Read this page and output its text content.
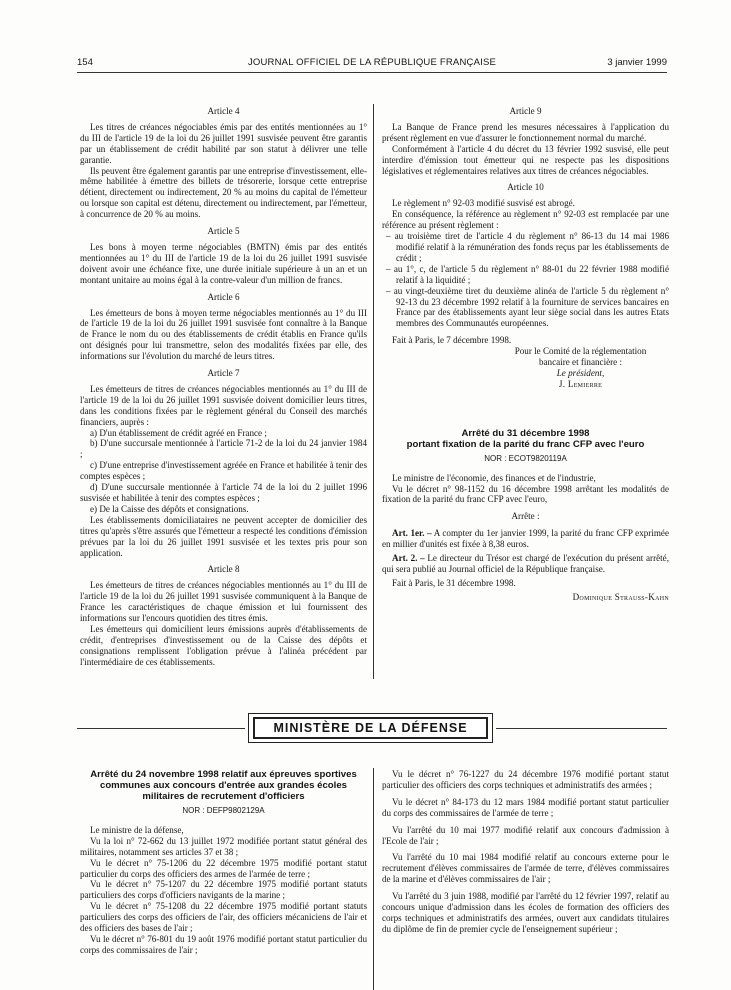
154	JOURNAL OFFICIEL DE LA RÉPUBLIQUE FRANÇAISE	3 janvier 1999

Article 4

Les titres de créances négociables émis par des entités mentionnées au 1° du III de l'article 19 de la loi du 26 juillet 1991 susvisée peuvent être garantis par un établissement de crédit habilité par son statut à délivrer une telle garantie.

Ils peuvent être également garantis par une entreprise d'investissement, elle-même habilitée à émettre des billets de trésorerie, lorsque cette entreprise détient, directement ou indirectement, 20 % au moins du capital de l'émetteur ou lorsque son capital est détenu, directement ou indirectement, par l'émetteur, à concurrence de 20 % au moins.

Article 5

Les bons à moyen terme négociables (BMTN) émis par des entités mentionnées au 1° du III de l'article 19 de la loi du 26 juillet 1991 susvisée doivent avoir une échéance fixe, une durée initiale supérieure à un an et un montant unitaire au moins égal à la contre-valeur d'un million de francs.

Article 6

Les émetteurs de bons à moyen terme négociables mentionnés au 1° du III de l'article 19 de la loi du 26 juillet 1991 susvisée font connaître à la Banque de France le nom du ou des établissements de crédit établis en France qu'ils ont désignés pour lui transmettre, selon des modalités fixées par elle, des informations sur l'évolution du marché de leurs titres.

Article 7

Les émetteurs de titres de créances négociables mentionnés au 1° du III de l'article 19 de la loi du 26 juillet 1991 susvisée doivent domicilier leurs titres, dans les conditions fixées par le règlement général du Conseil des marchés financiers, auprès :

a) D'un établissement de crédit agréé en France ;

b) D'une succursale mentionnée à l'article 71-2 de la loi du 24 janvier 1984 ;

c) D'une entreprise d'investissement agréée en France et habilitée à tenir des comptes espèces ;

d) D'une succursale mentionnée à l'article 74 de la loi du 2 juillet 1996 susvisée et habilitée à tenir des comptes espèces ;

e) De la Caisse des dépôts et consignations.

Les établissements domiciliataires ne peuvent accepter de domicilier des titres qu'après s'être assurés que l'émetteur a respecté les conditions d'émission prévues par la loi du 26 juillet 1991 susvisée et les textes pris pour son application.

Article 8

Les émetteurs de titres de créances négociables mentionnés au 1° du III de l'article 19 de la loi du 26 juillet 1991 susvisée communiquent à la Banque de France les caractéristiques de chaque émission et lui fournissent des informations sur l'encours quotidien des titres émis.

Les émetteurs qui domicilient leurs émissions auprès d'établissements de crédit, d'entreprises d'investissement ou de la Caisse des dépôts et consignations remplissent l'obligation prévue à l'alinéa précédent par l'intermédiaire de ces établissements.

Article 9

La Banque de France prend les mesures nécessaires à l'application du présent règlement en vue d'assurer le fonctionnement normal du marché.

Conformément à l'article 4 du décret du 13 février 1992 susvisé, elle peut interdire d'émission tout émetteur qui ne respecte pas les dispositions législatives et réglementaires relatives aux titres de créances négociables.

Article 10

Le règlement n° 92-03 modifié susvisé est abrogé.

En conséquence, la référence au règlement n° 92-03 est remplacée par une référence au présent règlement :

– au troisième tiret de l'article 4 du règlement n° 86-13 du 14 mai 1986 modifié relatif à la rémunération des fonds reçus par les établissements de crédit ;

– au 1°, c, de l'article 5 du règlement n° 88-01 du 22 février 1988 modifié relatif à la liquidité ;

– au vingt-deuxième tiret du deuxième alinéa de l'article 5 du règlement n° 92-13 du 23 décembre 1992 relatif à la fourniture de services bancaires en France par des établissements ayant leur siège social dans les autres Etats membres des Communautés européennes.

Fait à Paris, le 7 décembre 1998.

Pour le Comité de la réglementation

bancaire et financière :

Le président,

J. Lemierre

Arrêté du 31 décembre 1998

portant fixation de la parité du franc CFP avec l'euro

NOR : ECOT9820119A

Le ministre de l'économie, des finances et de l'industrie,

Vu le décret n° 98-1152 du 16 décembre 1998 arrêtant les modalités de fixation de la parité du franc CFP avec l'euro,

Arrête :

Art. 1er. – A compter du 1er janvier 1999, la parité du franc CFP exprimée en millier d'unités est fixée à 8,38 euros.

Art. 2. – Le directeur du Trésor est chargé de l'exécution du présent arrêté, qui sera publié au Journal officiel de la République française.

Fait à Paris, le 31 décembre 1998.

Dominique Strauss-Kahn

MINISTÈRE DE LA DÉFENSE

Arrêté du 24 novembre 1998 relatif aux épreuves sportives communes aux concours d'entrée aux grandes écoles militaires de recrutement d'officiers

NOR : DEFP9802129A

Le ministre de la défense,

Vu la loi n° 72-662 du 13 juillet 1972 modifiée portant statut général des militaires, notamment ses articles 37 et 38 ;

Vu le décret n° 75-1206 du 22 décembre 1975 modifié portant statut particulier du corps des officiers des armes de l'armée de terre ;

Vu le décret n° 75-1207 du 22 décembre 1975 modifié portant statuts particuliers des corps d'officiers navigants de la marine ;

Vu le décret n° 75-1208 du 22 décembre 1975 modifié portant statuts particuliers des corps des officiers de l'air, des officiers mécaniciens de l'air et des officiers des bases de l'air ;

Vu le décret n° 76-801 du 19 août 1976 modifié portant statut particulier du corps des commissaires de l'air ;

Vu le décret n° 76-1227 du 24 décembre 1976 modifié portant statut particulier des officiers des corps techniques et administratifs des armées ;

Vu le décret n° 84-173 du 12 mars 1984 modifié portant statut particulier du corps des commissaires de l'armée de terre ;

Vu l'arrêté du 10 mai 1977 modifié relatif aux concours d'admission à l'Ecole de l'air ;

Vu l'arrêté du 10 mai 1984 modifié relatif au concours externe pour le recrutement d'élèves commissaires de l'armée de terre, d'élèves commissaires de la marine et d'élèves commissaires de l'air ;

Vu l'arrêté du 3 juin 1988, modifié par l'arrêté du 12 février 1997, relatif au concours unique d'admission dans les écoles de formation des officiers des corps techniques et administratifs des armées, ouvert aux candidats titulaires du diplôme de fin de premier cycle de l'enseignement supérieur ;
